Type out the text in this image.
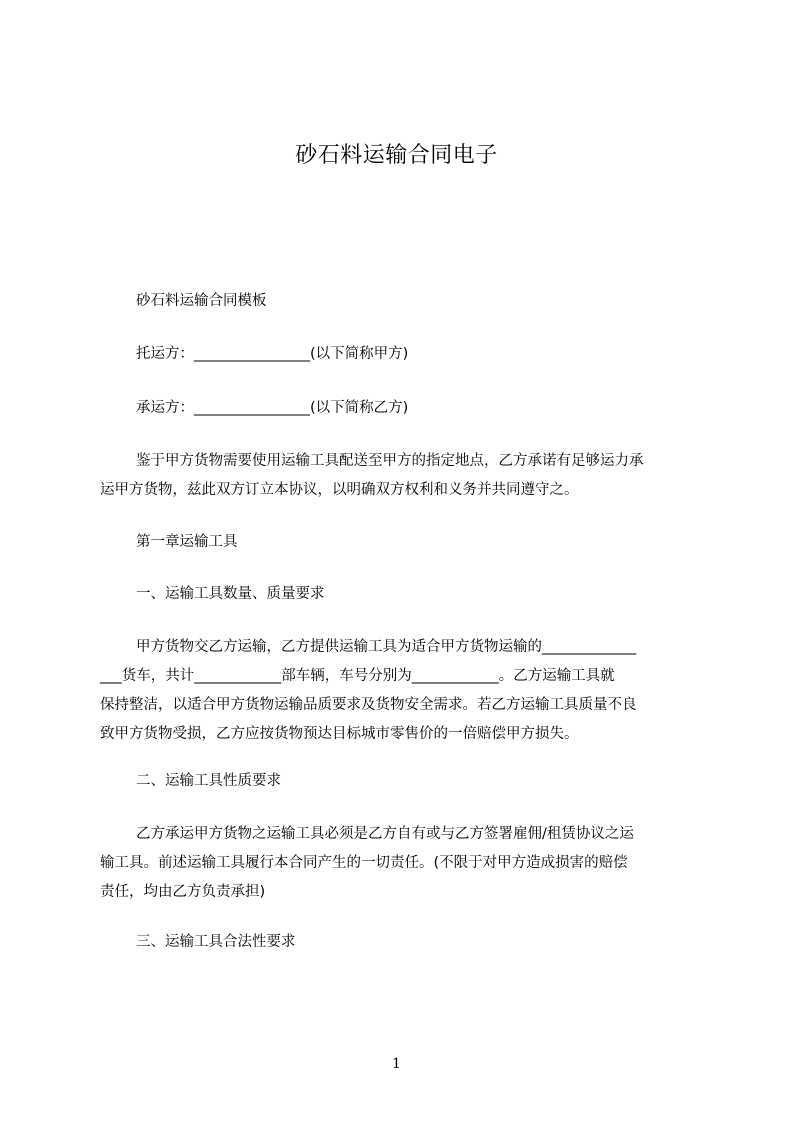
砂石料运输合同电子
砂石料运输合同模板
托运方：________________(以下简称甲方)
承运方：________________(以下简称乙方)
鉴于甲方货物需要使用运输工具配送至甲方的指定地点，乙方承诺有足够运力承
运甲方货物，兹此双方订立本协议，以明确双方权利和义务并共同遵守之。
第一章运输工具
一、运输工具数量、质量要求
甲方货物交乙方运输，乙方提供运输工具为适合甲方货物运输的_____________
___货车，共计____________部车辆，车号分别为____________。乙方运输工具就
保持整洁，以适合甲方货物运输品质要求及货物安全需求。若乙方运输工具质量不良
致甲方货物受损，乙方应按货物预达目标城市零售价的一倍赔偿甲方损失。
二、运输工具性质要求
乙方承运甲方货物之运输工具必须是乙方自有或与乙方签署雇佣/租赁协议之运
输工具。前述运输工具履行本合同产生的一切责任。(不限于对甲方造成损害的赔偿
责任，均由乙方负责承担)
三、运输工具合法性要求
1
